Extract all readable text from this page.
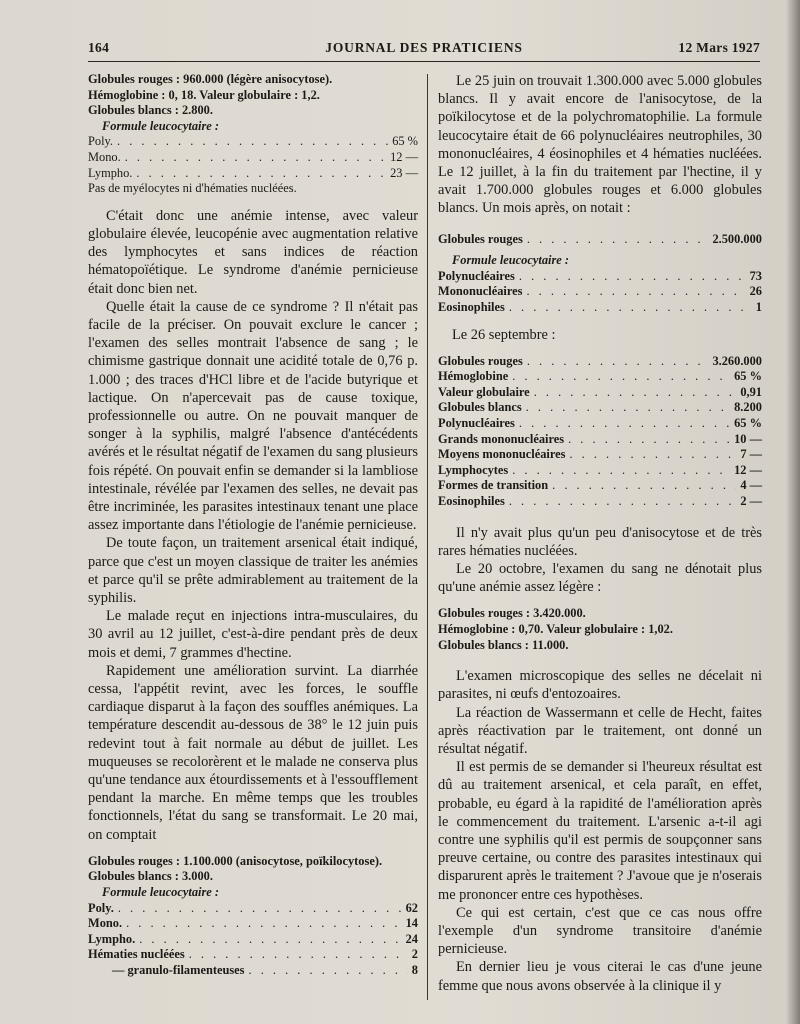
164	JOURNAL DES PRATICIENS	12 Mars 1927

Globules rouges : 960.000 (légère anisocytose).

Hémoglobine : 0, 18. Valeur globulaire : 1,2.

Globules blancs : 2.800.

Formule leucocytaire :

Poly. . . .	65 %
Mono. . . .	12 —
Lympho. . . .	23 —

Pas de myélocytes ni d'hématies nucléées.

C'était donc une anémie intense, avec valeur globulaire élevée, leucopénie avec augmentation relative des lymphocytes et sans indices de réaction hématopoïétique. Le syndrome d'anémie pernicieuse était donc bien net.

Quelle était la cause de ce syndrome ? Il n'était pas facile de la préciser. On pouvait exclure le cancer ; l'examen des selles montrait l'absence de sang ; le chimisme gastrique donnait une acidité totale de 0,76 p. 1.000 ; des traces d'HCl libre et de l'acide butyrique et lactique. On n'apercevait pas de cause toxique, professionnelle ou autre. On ne pouvait manquer de songer à la syphilis, malgré l'absence d'antécédents avérés et le résultat négatif de l'examen du sang plusieurs fois répété. On pouvait enfin se demander si la lambliose intestinale, révélée par l'examen des selles, ne devait pas être incriminée, les parasites intestinaux tenant une place assez importante dans l'étiologie de l'anémie pernicieuse.

De toute façon, un traitement arsenical était indiqué, parce que c'est un moyen classique de traiter les anémies et parce qu'il se prête admirablement au traitement de la syphilis.

Le malade reçut en injections intra-musculaires, du 30 avril au 12 juillet, c'est-à-dire pendant près de deux mois et demi, 7 grammes d'hectine.

Rapidement une amélioration survint. La diarrhée cessa, l'appétit revint, avec les forces, le souffle cardiaque disparut à la façon des souffles anémiques. La température descendit au-dessous de 38° le 12 juin puis redevint tout à fait normale au début de juillet. Les muqueuses se recolorèrent et le malade ne conserva plus qu'une tendance aux étourdissements et à l'essoufflement pendant la marche. En même temps que les troubles fonctionnels, l'état du sang se transformait. Le 20 mai, on comptait

Globules rouges : 1.100.000 (anisocytose, poïkilocytose).

Globules blancs : 3.000.

Formule leucocytaire :

Poly. . . .	62
Mono. . . .	14
Lympho. . . .	24
Hématies nucléées . . .	2
— granulo-filamenteuses . . .	8

Le 25 juin on trouvait 1.300.000 avec 5.000 globules blancs. Il y avait encore de l'anisocytose, de la poïkilocytose et de la polychromatophilie. La formule leucocytaire était de 66 polynucléaires neutrophiles, 30 mononucléaires, 4 éosinophiles et 4 hématies nucléées. Le 12 juillet, à la fin du traitement par l'hectine, il y avait 1.700.000 globules rouges et 6.000 globules blancs. Un mois après, on notait :

Globules rouges . . .	2.500.000

Formule leucocytaire :

Polynucléaires . . .	73
Mononucléaires . . .	26
Eosinophiles . . .	1

Le 26 septembre :

Globules rouges . . .	3.260.000
Hémoglobine . . .	65 %
Valeur globulaire . . .	0,91
Globules blancs . . .	8.200
Polynucléaires . . .	65 %
Grands mononucléaires . . .	10 —
Moyens mononucléaires . . .	7 —
Lymphocytes . . .	12 —
Formes de transition . . .	4 —
Eosinophiles . . .	2 —

Il n'y avait plus qu'un peu d'anisocytose et de très rares hématies nucléées.

Le 20 octobre, l'examen du sang ne dénotait plus qu'une anémie assez légère :

Globules rouges : 3.420.000.

Hémoglobine : 0,70. Valeur globulaire : 1,02.

Globules blancs : 11.000.

L'examen microscopique des selles ne décelait ni parasites, ni œufs d'entozoaires.

La réaction de Wassermann et celle de Hecht, faites après réactivation par le traitement, ont donné un résultat négatif.

Il est permis de se demander si l'heureux résultat est dû au traitement arsenical, et cela paraît, en effet, probable, eu égard à la rapidité de l'amélioration après le commencement du traitement. L'arsenic a-t-il agi contre une syphilis qu'il est permis de soupçonner sans preuve certaine, ou contre des parasites intestinaux qui disparurent après le traitement ? J'avoue que je n'oserais me prononcer entre ces hypothèses.

Ce qui est certain, c'est que ce cas nous offre l'exemple d'un syndrome transitoire d'anémie pernicieuse.

En dernier lieu je vous citerai le cas d'une jeune femme que nous avons observée à la clinique il y
